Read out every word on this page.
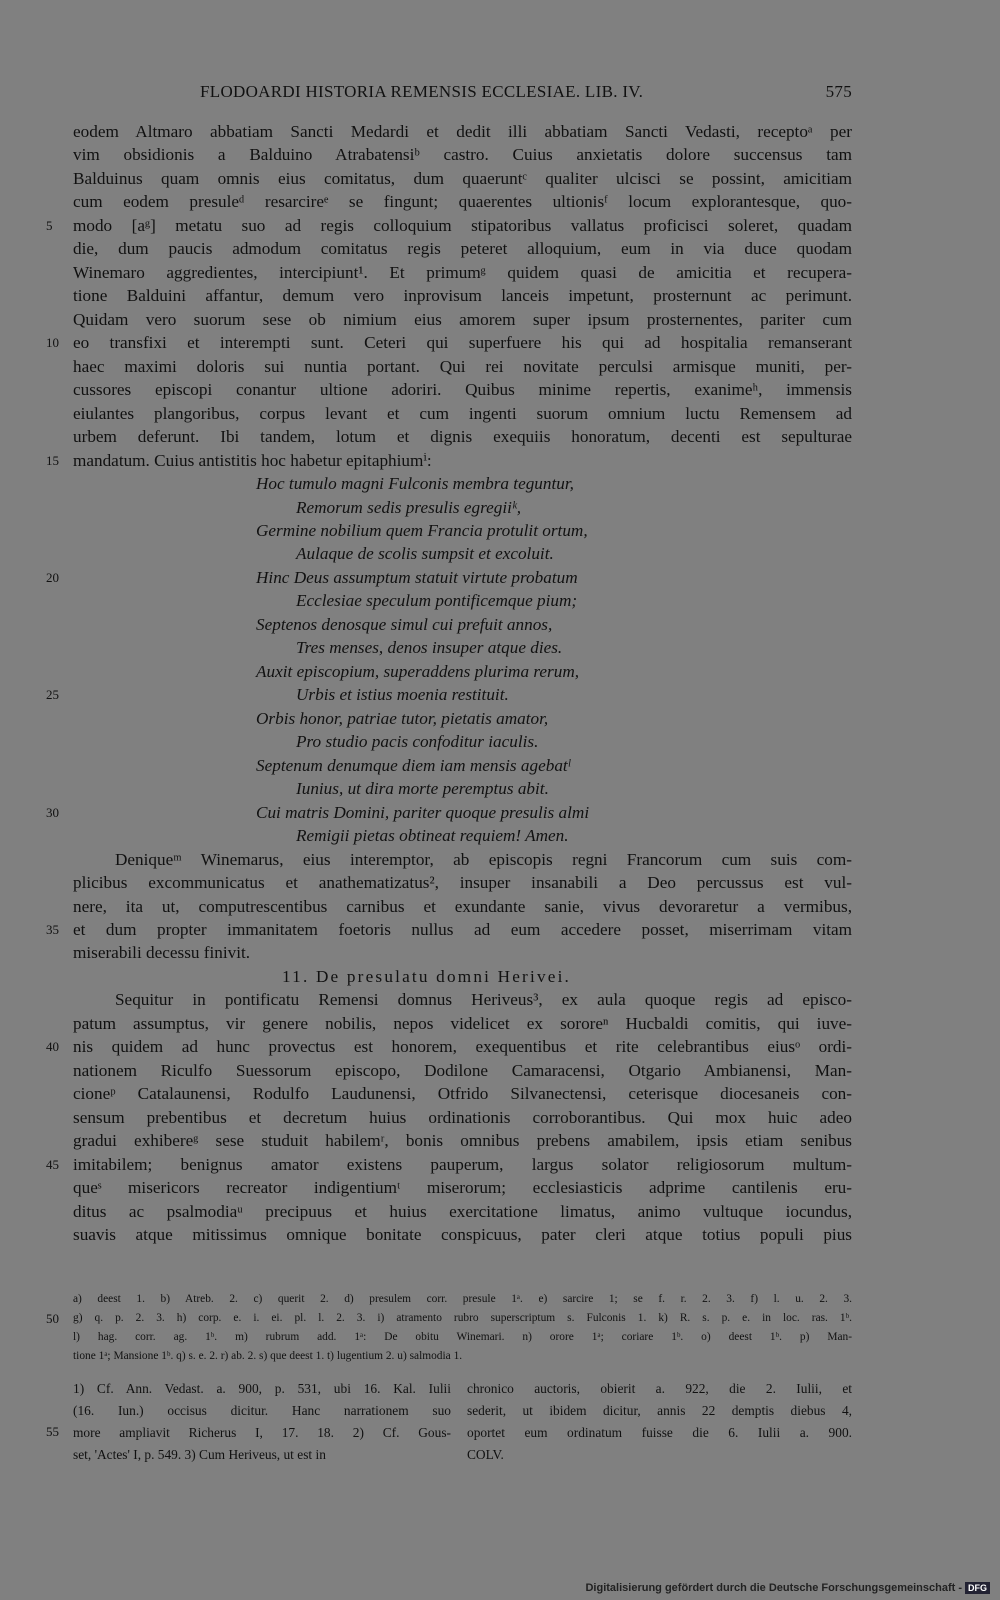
FLODOARDI HISTORIA REMENSIS ECCLESIAE. LIB. IV.	575
eodem Altmaro abbatiam Sancti Medardi et dedit illi abbatiam Sancti Vedasti, receptoᵃ per
vim obsidionis a Balduino Atrabatensiᵇ castro. Cuius anxietatis dolore succensus tam
Balduinus quam omnis eius comitatus, dum quaeruntᶜ qualiter ulcisci se possint, amicitiam
cum eodem presuleᵈ resarcireᵉ se fingunt; quaerentes ultionisᶠ locum explorantesque, quo-
modo [aᵍ] metatu suo ad regis colloquium stipatoribus vallatus proficisci soleret, quadam
die, dum paucis admodum comitatus regis peteret alloquium, eum in via duce quodam
Winemaro aggredientes, intercipiunt¹. Et primumᵍ quidem quasi de amicitia et recupera-
tione Balduini affantur, demum vero inprovisum lanceis impetunt, prosternunt ac perimunt.
Quidam vero suorum sese ob nimium eius amorem super ipsum prosternentes, pariter cum
eo transfixi et interempti sunt. Ceteri qui superfuere his qui ad hospitalia remanserant
haec maximi doloris sui nuntia portant. Qui rei novitate perculsi armisque muniti, per-
cussores episcopi conantur ultione adoriri. Quibus minime repertis, exanimeʰ, immensis
eiulantes plangoribus, corpus levant et cum ingenti suorum omnium luctu Remensem ad
urbem deferunt. Ibi tandem, lotum et dignis exequiis honoratum, decenti est sepulturae
mandatum. Cuius antistitis hoc habetur epitaphiumⁱ:
Hoc tumulo magni Fulconis membra teguntur,
Remorum sedis presulis egregiiᵏ,
Germine nobilium quem Francia protulit ortum,
Aulaque de scolis sumpsit et excoluit.
Hinc Deus assumptum statuit virtute probatum
Ecclesiae speculum pontificemque pium;
Septenos denosque simul cui prefuit annos,
Tres menses, denos insuper atque dies.
Auxit episcopium, superaddens plurima rerum,
Urbis et istius moenia restituit.
Orbis honor, patriae tutor, pietatis amator,
Pro studio pacis confoditur iaculis.
Septenum denumque diem iam mensis agebatˡ
Iunius, ut dira morte peremptus abit.
Cui matris Domini, pariter quoque presulis almi
Remigii pietas obtineat requiem! Amen.
Deniqueᵐ Winemarus, eius interemptor, ab episcopis regni Francorum cum suis com-
plicibus excommunicatus et anathematizatus², insuper insanabili a Deo percussus est vul-
nere, ita ut, computrescentibus carnibus et exundante sanie, vivus devoraretur a vermibus,
et dum propter immanitatem foetoris nullus ad eum accedere posset, miserrimam vitam
miserabili decessu finivit.
11. De presulatu domni Herivei.
Sequitur in pontificatu Remensi domnus Heriveus³, ex aula quoque regis ad episco-
patum assumptus, vir genere nobilis, nepos videlicet ex sororeⁿ Hucbaldi comitis, qui iuve-
nis quidem ad hunc provectus est honorem, exequentibus et rite celebrantibus eiusᵒ ordi-
nationem Riculfo Suessorum episcopo, Dodilone Camaracensi, Otgario Ambianensi, Man-
cioneᵖ Catalaunensi, Rodulfo Laudunensi, Otfrido Silvanectensi, ceterisque diocesaneis con-
sensum prebentibus et decretum huius ordinationis corroborantibus. Qui mox huic adeo
gradui exhibereᵍ sese studuit habilemʳ, bonis omnibus prebens amabilem, ipsis etiam senibus
imitabilem; benignus amator existens pauperum, largus solator religiosorum multum-
queˢ misericors recreator indigentiumᵗ miserorum; ecclesiasticis adprime cantilenis eru-
ditus ac psalmodiaᵘ precipuus et huius exercitatione limatus, animo vultuque iocundus,
suavis atque mitissimus omnique bonitate conspicuus, pater cleri atque totius populi pius
5
10
15
20
25
30
35
40
45
a) deest 1. b) Atreb. 2. c) querit 2. d) presulem corr. presule 1ᵃ. e) sarcire 1; se f. r. 2. 3. f) l. u. 2. 3.
g) q. p. 2. 3. h) corp. e. i. ei. pl. l. 2. 3. i) atramento rubro superscriptum s. Fulconis 1. k) R. s. p. e. in loc. ras. 1ᵇ.
l) hag. corr. ag. 1ᵇ. m) rubrum add. 1ᵃ: De obitu Winemari. n) orore 1ᵃ; coriare 1ᵇ. o) deest 1ᵇ. p) Man-
tione 1ᵃ; Mansione 1ᵇ. q) s. e. 2. r) ab. 2. s) que deest 1. t) lugentium 2. u) salmodia 1.
50
1) Cf. Ann. Vedast. a. 900, p. 531, ubi 16. Kal. Iulii
(16. Iun.) occisus dicitur. Hanc narrationem suo
more ampliavit Richerus I, 17. 18. 2) Cf. Gous-
set, 'Actes' I, p. 549. 3) Cum Heriveus, ut est in
chronico auctoris, obierit a. 922, die 2. Iulii, et
sederit, ut ibidem dicitur, annis 22 demptis diebus 4,
oportet eum ordinatum fuisse die 6. Iulii a. 900.
COLV.
55
Digitalisierung gefördert durch die Deutsche Forschungsgemeinschaft - DFG
